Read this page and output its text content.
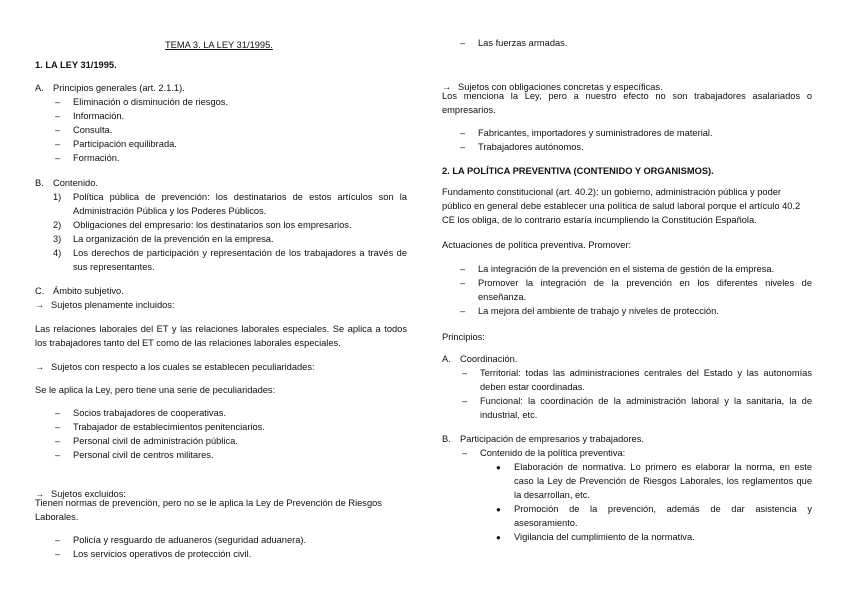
TEMA 3. LA LEY 31/1995.

1. LA LEY 31/1995.

A. Principios generales (art. 2.1.1).
– Eliminación o disminución de riesgos.
– Información.
– Consulta.
– Participación equilibrada.
– Formación.
B. Contenido.
1) Política pública de prevención: los destinatarios de estos artículos son la Administración Pública y los Poderes Públicos.
2) Obligaciones del empresario: los destinatarios son los empresarios.
3) La organización de la prevención en la empresa.
4) Los derechos de participación y representación de los trabajadores a través de sus representantes.
C. Ámbito subjetivo.
→ Sujetos plenamente incluidos:

Las relaciones laborales del ET y las relaciones laborales especiales. Se aplica a todos los trabajadores tanto del ET como de las relaciones laborales especiales.

→ Sujetos con respecto a los cuales se establecen peculiaridades:

Se le aplica la Ley, pero tiene una serie de peculiaridades:

– Socios trabajadores de cooperativas.
– Trabajador de establecimientos penitenciarios.
– Personal civil de administración pública.
– Personal civil de centros militares.
→ Sujetos excluidos:

Tienen normas de prevención, pero no se le aplica la Ley de Prevención de Riesgos Laborales.

– Policía y resguardo de aduaneros (seguridad aduanera).
– Los servicios operativos de protección civil.
– Las fuerzas armadas.
→ Sujetos con obligaciones concretas y específicas.

Los menciona la Ley, pero a nuestro efecto no son trabajadores asalariados o empresarios.

– Fabricantes, importadores y suministradores de material.
– Trabajadores autónomos.

2. LA POLÍTICA PREVENTIVA (CONTENIDO Y ORGANISMOS).

Fundamento constitucional (art. 40.2): un gobierno, administración pública y poder público en general debe establecer una política de salud laboral porque el artículo 40.2 CE los obliga, de lo contrario estaría incumpliendo la Constitución Española.

Actuaciones de política preventiva. Promover:

– La integración de la prevención en el sistema de gestión de la empresa.
– Promover la integración de la prevención en los diferentes niveles de enseñanza.
– La mejora del ambiente de trabajo y niveles de protección.

Principios:

A. Coordinación.
– Territorial: todas las administraciones centrales del Estado y las autonomías deben estar coordinadas.
– Funcional: la coordinación de la administración laboral y la sanitaria, la de industrial, etc.
B. Participación de empresarios y trabajadores.
– Contenido de la política preventiva:
● Elaboración de normativa. Lo primero es elaborar la norma, en este caso la Ley de Prevención de Riesgos Laborales, los reglamentos que la desarrollan, etc.
● Promoción de la prevención, además de dar asistencia y asesoramiento.
● Vigilancia del cumplimiento de la normativa.
